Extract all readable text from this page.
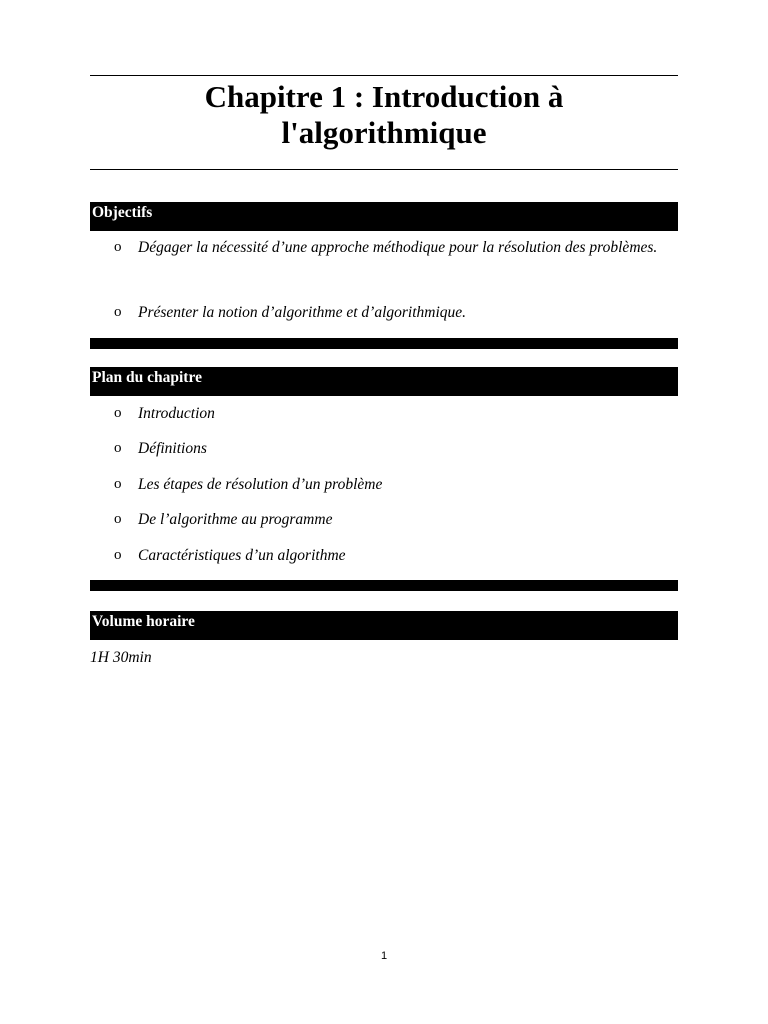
Chapitre 1 : Introduction à
l'algorithmique
Objectifs
o Dégager la nécessité d’une approche méthodique pour la résolution des problèmes.
o Présenter la notion d’algorithme et d’algorithmique.
Plan du chapitre
o Introduction
o Définitions
o Les étapes de résolution d’un problème
o De l’algorithme au programme
o Caractéristiques d’un algorithme
Volume horaire
1H 30min
1
